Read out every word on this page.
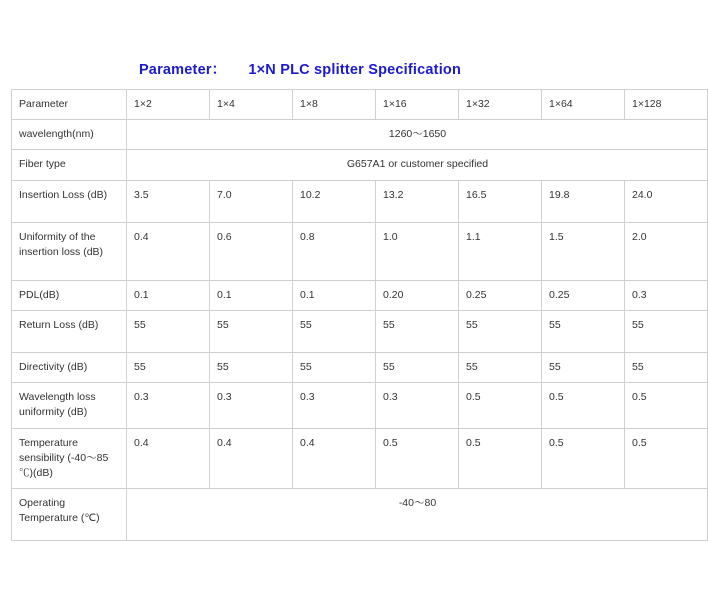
Parameter： 1×N PLC splitter Specification
Parameter	1×2	1×4	1×8	1×16	1×32	1×64	1×128
wavelength(nm)	1260～1650						
Fiber type	G657A1 or customer specified						
Insertion Loss (dB)	3.5	7.0	10.2	13.2	16.5	19.8	24.0
Uniformity of the insertion loss (dB)	0.4	0.6	0.8	1.0	1.1	1.5	2.0
PDL(dB)	0.1	0.1	0.1	0.20	0.25	0.25	0.3
Return Loss (dB)	55	55	55	55	55	55	55
Directivity (dB)	55	55	55	55	55	55	55
Wavelength loss uniformity (dB)	0.3	0.3	0.3	0.3	0.5	0.5	0.5
Temperature sensibility (-40～85 ℃)(dB)	0.4	0.4	0.4	0.5	0.5	0.5	0.5
Operating Temperature (℃)	-40～80						
